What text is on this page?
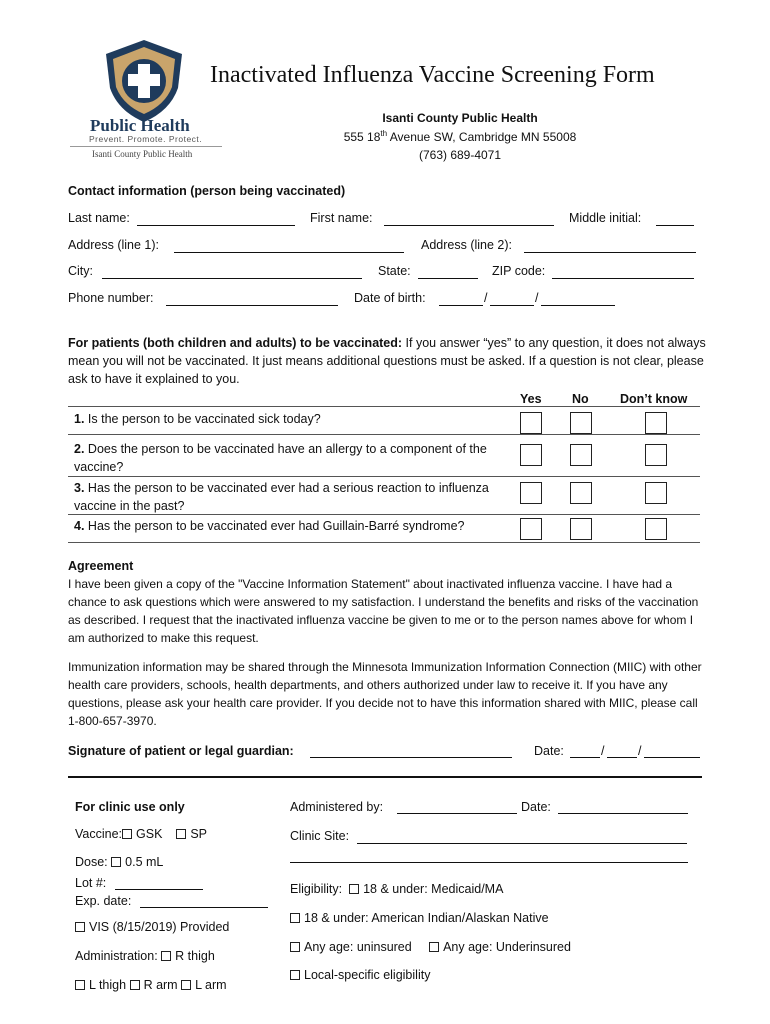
Public Health
Prevent. Promote. Protect.
Isanti County Public Health
Inactivated Influenza Vaccine Screening Form
Isanti County Public Health
555 18th Avenue SW, Cambridge MN 55008
(763) 689-4071
Contact information (person being vaccinated)
Last name:	First name:	Middle initial:
Address (line 1):	Address (line 2):
City:	State:	ZIP code:
Phone number:	Date of birth:	/	/
For patients (both children and adults) to be vaccinated: If you answer “yes” to any question, it does not always mean you will not be vaccinated. It just means additional questions must be asked. If a question is not clear, please ask to have it explained to you.
Yes No	Don’t know
1. Is the person to be vaccinated sick today?
2. Does the person to be vaccinated have an allergy to a component of the vaccine?
3. Has the person to be vaccinated ever had a serious reaction to influenza vaccine in the past?
4. Has the person to be vaccinated ever had Guillain-Barré syndrome?
Agreement
I have been given a copy of the "Vaccine Information Statement" about inactivated influenza vaccine. I have had a chance to ask questions which were answered to my satisfaction. I understand the benefits and risks of the vaccination as described. I request that the inactivated influenza vaccine be given to me or to the person names above for whom I am authorized to make this request.
Immunization information may be shared through the Minnesota Immunization Information Connection (MIIC) with other health care providers, schools, health departments, and others authorized under law to receive it. If you have any questions, please ask your health care provider. If you decide not to have this information shared with MIIC, please call 1-800-657-3970.
Signature of patient or legal guardian:	Date:	/	/
For clinic use only
Vaccine: GSK SP
Dose: 0.5 mL
Lot #:
Exp. date:
VIS (8/15/2019) Provided
Administration: R thigh
L thigh R arm L arm
Administered by:	Date:
Clinic Site:
Eligibility: 18 & under: Medicaid/MA
18 & under: American Indian/Alaskan Native
Any age: uninsured	Any age: Underinsured
Local-specific eligibility
